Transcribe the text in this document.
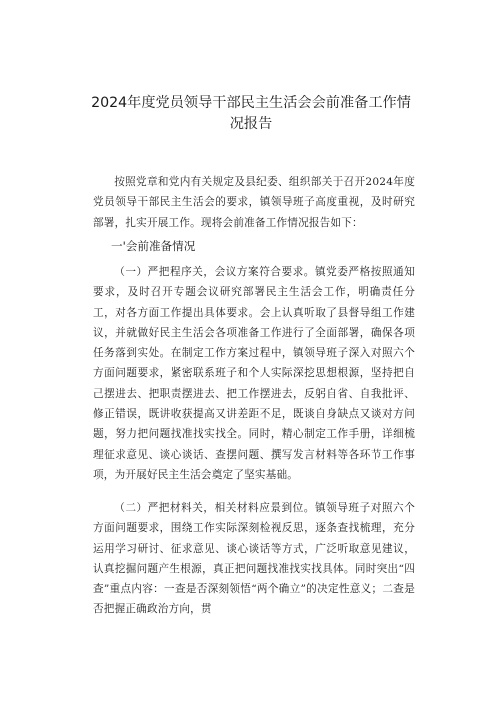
2024年度党员领导干部民主生活会会前准备工作情况报告

按照党章和党内有关规定及县纪委、组织部关于召开2024年度党员领导干部民主生活会的要求，镇领导班子高度重视，及时研究部署，扎实开展工作。现将会前准备工作情况报告如下：

一'会前准备情况

（一）严把程序关，会议方案符合要求。镇党委严格按照通知要求，及时召开专题会议研究部署民主生活会工作，明确责任分工，对各方面工作提出具体要求。会上认真听取了县督导组工作建议，并就做好民主生活会各项准备工作进行了全面部署，确保各项任务落到实处。在制定工作方案过程中，镇领导班子深入对照六个方面问题要求，紧密联系班子和个人实际深挖思想根源，坚持把自己摆进去、把职责摆进去、把工作摆进去，反躬自省、自我批评、修正错误，既讲收获提高又讲差距不足，既谈自身缺点又谈对方问题，努力把问题找准找实找全。同时，精心制定工作手册，详细梳理征求意见、谈心谈话、查摆问题、撰写发言材料等各环节工作事项，为开展好民主生活会奠定了坚实基础。

（二）严把材料关，相关材料应景到位。镇领导班子对照六个方面问题要求，围绕工作实际深刻检视反思，逐条查找梳理，充分运用学习研讨、征求意见、谈心谈话等方式，广泛听取意见建议，认真挖掘问题产生根源，真正把问题找准找实找具体。同时突出“四查”重点内容：一查是否深刻领悟“两个确立”的决定性意义；二查是否把握正确政治方向，贯
